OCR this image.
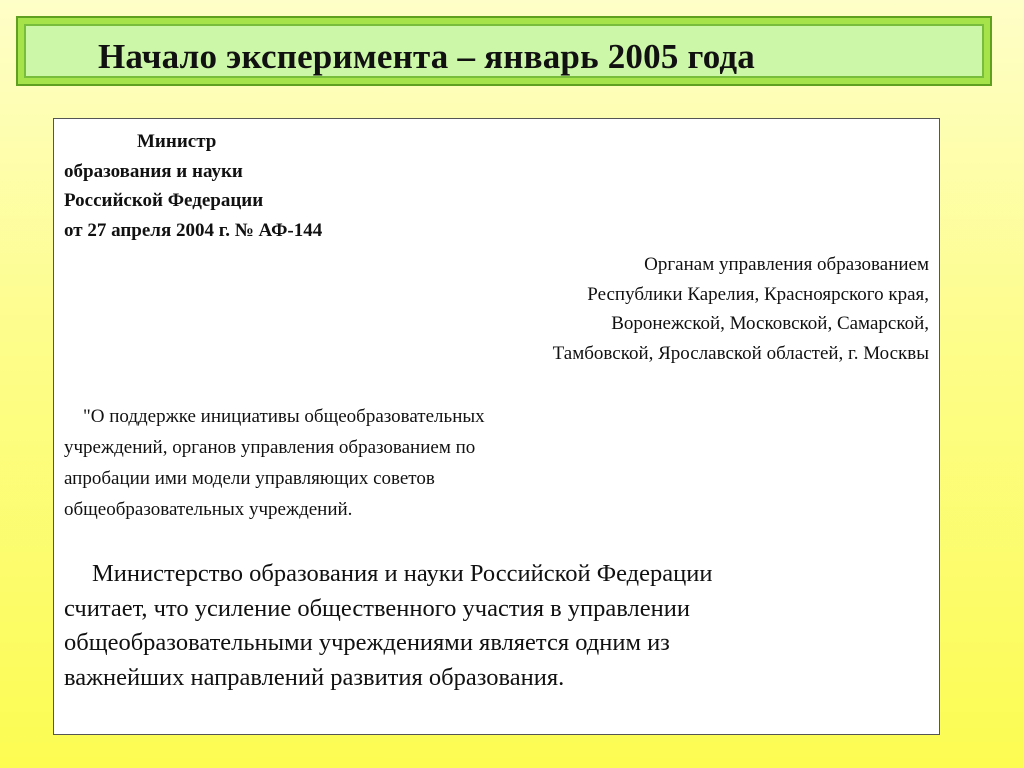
Начало эксперимента – январь 2005 года
Министр
образования и науки
Российской Федерации
от 27 апреля 2004 г. № АФ-144
Органам управления образованием
Республики Карелия, Красноярского края,
Воронежской, Московской, Самарской,
Тамбовской, Ярославской областей, г. Москвы
"О поддержке инициативы общеобразовательных
учреждений, органов управления образованием по
апробации ими модели управляющих советов
общеобразовательных учреждений.
Министерство образования и науки Российской Федерации
считает, что усиление общественного участия в управлении
общеобразовательными учреждениями является одним из
важнейших направлений развития образования.
